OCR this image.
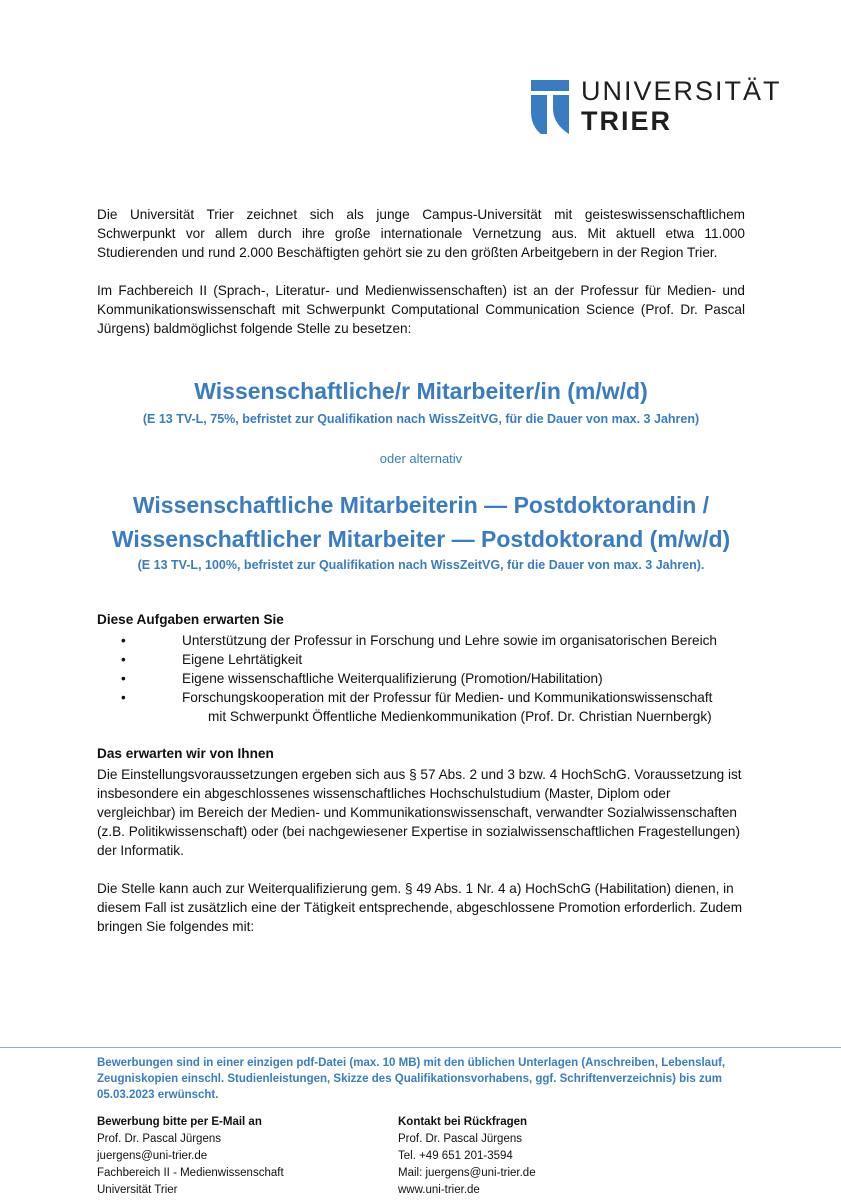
UNIVERSITÄT
TRIER

Die Universität Trier zeichnet sich als junge Campus-Universität mit geisteswissenschaftlichem Schwerpunkt vor allem durch ihre große internationale Vernetzung aus. Mit aktuell etwa 11.000 Studierenden und rund 2.000 Beschäftigten gehört sie zu den größten Arbeitgebern in der Region Trier.

Im Fachbereich II (Sprach-, Literatur- und Medienwissenschaften) ist an der Professur für Medien- und Kommunikationswissenschaft mit Schwerpunkt Computational Communication Science (Prof. Dr. Pascal Jürgens) baldmöglichst folgende Stelle zu besetzen:

Wissenschaftliche/r Mitarbeiter/in (m/w/d)

(E 13 TV-L, 75%, befristet zur Qualifikation nach WissZeitVG, für die Dauer von max. 3 Jahren)

oder alternativ

Wissenschaftliche Mitarbeiterin — Postdoktorandin /
Wissenschaftlicher Mitarbeiter — Postdoktorand (m/w/d)

(E 13 TV-L, 100%, befristet zur Qualifikation nach WissZeitVG, für die Dauer von max. 3 Jahren).

Diese Aufgaben erwarten Sie

•	Unterstützung der Professur in Forschung und Lehre sowie im organisatorischen Bereich
•	Eigene Lehrtätigkeit
•	Eigene wissenschaftliche Weiterqualifizierung (Promotion/Habilitation)
•	Forschungskooperation mit der Professur für Medien- und Kommunikationswissenschaft
mit Schwerpunkt Öffentliche Medienkommunikation (Prof. Dr. Christian Nuernbergk)

Das erwarten wir von Ihnen

Die Einstellungsvoraussetzungen ergeben sich aus § 57 Abs. 2 und 3 bzw. 4 HochSchG. Voraussetzung ist insbesondere ein abgeschlossenes wissenschaftliches Hochschulstudium (Master, Diplom oder vergleichbar) im Bereich der Medien- und Kommunikationswissenschaft, verwandter Sozialwissenschaften (z.B. Politikwissenschaft) oder (bei nachgewiesener Expertise in sozialwissenschaftlichen Fragestellungen) der Informatik.

Die Stelle kann auch zur Weiterqualifizierung gem. § 49 Abs. 1 Nr. 4 a) HochSchG (Habilitation) dienen, in diesem Fall ist zusätzlich eine der Tätigkeit entsprechende, abgeschlossene Promotion erforderlich. Zudem bringen Sie folgendes mit:

Bewerbungen sind in einer einzigen pdf-Datei (max. 10 MB) mit den üblichen Unterlagen (Anschreiben, Lebenslauf, Zeugniskopien einschl. Studienleistungen, Skizze des Qualifikationsvorhabens, ggf. Schriftenverzeichnis) bis zum 05.03.2023 erwünscht.

Bewerbung bitte per E-Mail an
Prof. Dr. Pascal Jürgens
juergens@uni-trier.de
Fachbereich II - Medienwissenschaft
Universität Trier
Kontakt bei Rückfragen
Prof. Dr. Pascal Jürgens
Tel. +49 651 201-3594
Mail: juergens@uni-trier.de
www.uni-trier.de
